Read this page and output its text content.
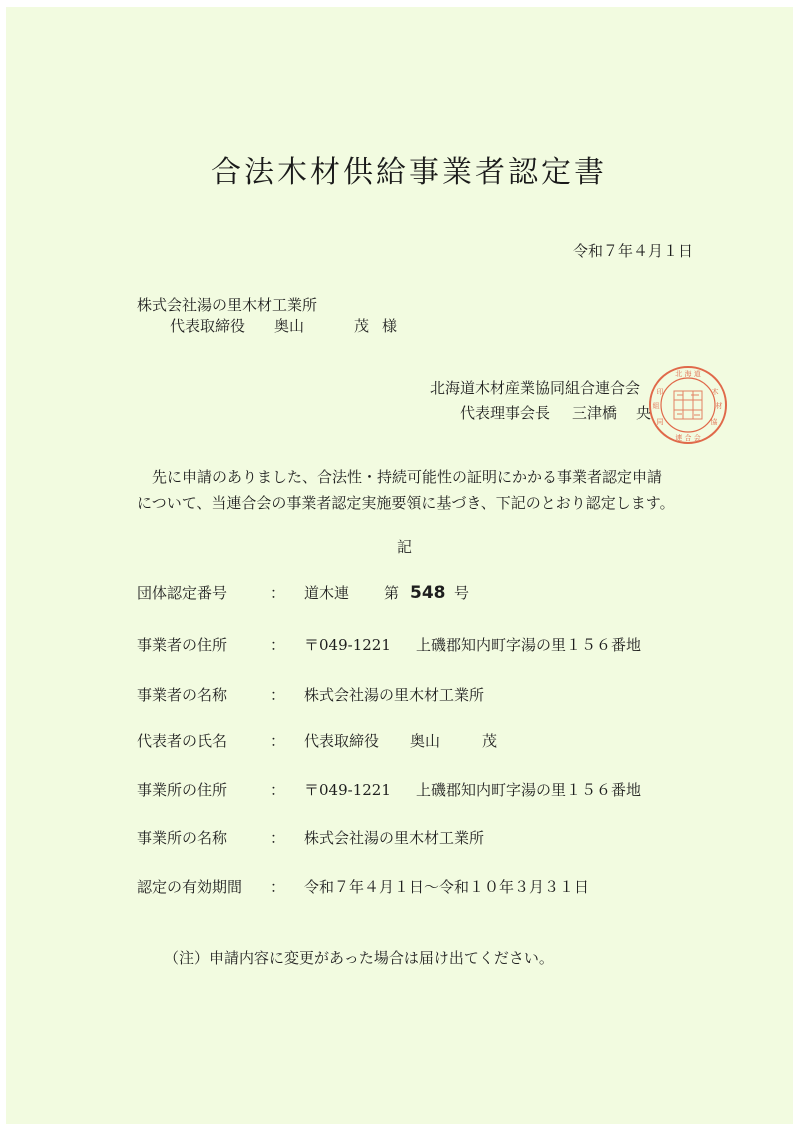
合法木材供給事業者認定書
令和７年４月１日
株式会社湯の里木材工業所
代表取締役 奥山	茂 様
北海道木材産業協同組合連合会
代表理事会長 三津橋 央
北 海 道
木
材
協
連 合 会
同
組
印
先に申請のありました、合法性・持続可能性の証明にかかる事業者認定申請
について、当連合会の事業者認定実施要領に基づき、下記のとおり認定します。
記
団体認定番号	： 道木連 第 548 号
事業者の住所	： 〒049-1221 上磯郡知内町字湯の里１５６番地
事業者の名称	： 株式会社湯の里木材工業所
代表者の氏名	： 代表取締役 奥山	茂
事業所の住所	： 〒049-1221 上磯郡知内町字湯の里１５６番地
事業所の名称	： 株式会社湯の里木材工業所
認定の有効期間 ： 令和７年４月１日～令和１０年３月３１日
（注）申請内容に変更があった場合は届け出てください。
